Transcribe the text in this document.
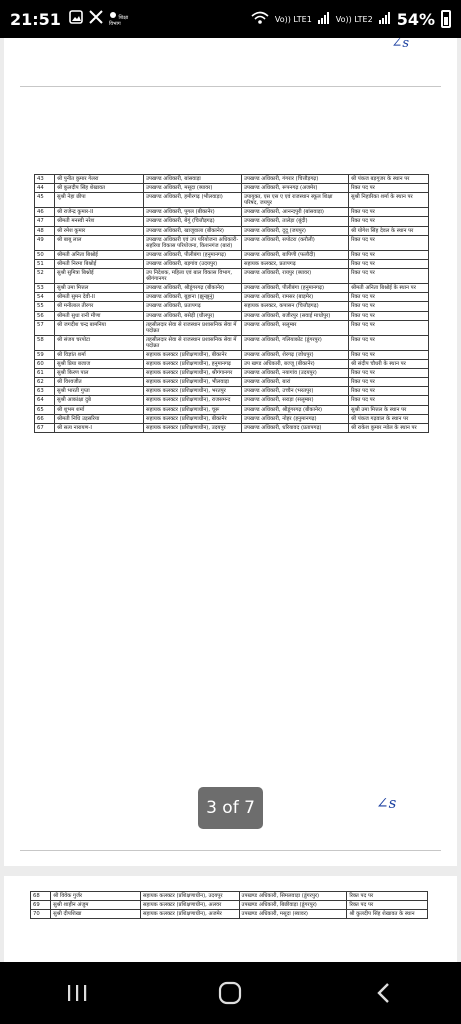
21:51	शिक्षा विभाग
Vo)) LTE1	Vo)) LTE2 54%
∠s
43	श्री पुनीत कुमार गेलरा	उपखण्ड अधिकारी, बांसवाड़ा	उपखण्ड अधिकारी, गंगरार (चित्तौड़गढ़)	श्री पंकज बड़गूजर के स्थान पर
44	श्री कुलदीप सिंह शेखावत	उपखण्ड अधिकारी, मसूदा (ब्यावर)	उपखण्ड अधिकारी, रूपनगढ़ (अजमेर)	रिक्त पद पर
45	सुश्री नेहा छीपा	उपखण्ड अधिकारी, हमीरगढ़ (भीलवाड़ा)	उपायुक्त, एस एस ए एवं राजस्थान स्कूल शिक्षा परिषद, जयपुर	सुश्री निहारिका शर्मा के स्थान पर
46	श्री राजेन्द्र कुमार-II	उपखण्ड अधिकारी, पूगल (बीकानेर)	उपखण्ड अधिकारी, आनन्दपुरी (बांसवाड़ा)	रिक्त पद पर
47	श्रीमती मनस्वी नरेश	उपखण्ड अधिकारी, बेगूं (चित्तौड़गढ़)	उपखण्ड अधिकारी, तालेड़ा (बूंदी)	रिक्त पद पर
48	श्री रमेश कुमार	उपखण्ड अधिकारी, खाजूवाला (बीकानेर)	उपखण्ड अधिकारी, दूदू (जयपुर)	श्री योगेश सिंह देवल के स्थान पर
49	श्री बाबू लाल	उपखण्ड अधिकारी एवं उप परियोजना अधिकारी-सहरिया विकास परियोजना, किशनगंज (बारां)	उपखण्ड अधिकारी, सपोटरा (करौली)	रिक्त पद पर
50	श्रीमती अनिता बिश्नोई	उपखण्ड अधिकारी, पीलीबंगा (हनुमानगढ़)	उपखण्ड अधिकारी, बापिणी (फलौदी)	रिक्त पद पर
51	श्रीमती निरमा बिश्नोई	उपखण्ड अधिकारी, बड़गांव (उदयपुर)	सहायक कलक्टर, प्रतापगढ़	रिक्त पद पर
52	सुश्री सुमित्रा बिश्नोई	उप निदेशक, महिला एवं बाल विकास विभाग, श्रीगंगानगर	उपखण्ड अधिकारी, रायपुर (ब्यावर)	रिक्त पद पर
53	सुश्री उमा मित्तल	उपखण्ड अधिकारी, श्रीडूंगरगढ़ (बीकानेर)	उपखण्ड अधिकारी, पीलीबंगा (हनुमानगढ़)	श्रीमती अनिता बिश्नोई के स्थान पर
54	श्रीमती सुमन देवी-II	उपखण्ड अधिकारी, बुहाना (झुन्झुनूं)	उपखण्ड अधिकारी, रामसर (बाड़मेर)	रिक्त पद पर
55	श्री मनीलाल तीरगर	उपखण्ड अधिकारी, प्रतापगढ़	सहायक कलक्टर, कपासन (चित्तौड़गढ़)	रिक्त पद पर
56	श्रीमती सुधा रानी मीणा	उपखण्ड अधिकारी, बसेड़ी (धौलपुर)	उपखण्ड अधिकारी, बजीरपुर (सवाई माधोपुर)	रिक्त पद पर
57	श्री जगदीश चन्द्र बामनिया	तहसीलदार सेवा से राजस्थान प्रशासनिक सेवा में पदोन्नत	उपखण्ड अधिकारी, सलूम्बर	रिक्त पद पर
58	श्री संजय चरपोटा	तहसीलदार सेवा से राजस्थान प्रशासनिक सेवा में पदोन्नत	उपखण्ड अधिकारी, गलियाकोट (डूंगरपुर)	रिक्त पद पर
59	श्री विज्ञांत शर्मा	सहायक कलक्टर (प्रशिक्षणाधीन), बीकानेर	उपखण्ड अधिकारी, शेरगढ़ (जोधपुर)	रिक्त पद पर
60	सुश्री प्रिया बजाज	सहायक कलक्टर (प्रशिक्षणाधीन), हनुमानगढ़	उप खण्ड अधिकारी, बज्जू (बीकानेर)	श्री संदीप चौधरी के स्थान पर
61	सुश्री किरण पाल	सहायक कलक्टर (प्रशिक्षणाधीन), श्रीगंगानगर	उपखण्ड अधिकारी, नयागांव (उदयपुर)	रिक्त पद पर
62	श्री विश्वजीत	सहायक कलक्टर (प्रशिक्षणाधीन), भीलवाड़ा	उपखण्ड अधिकारी, बारां	रिक्त पद पर
63	सुश्री भारती गुप्ता	सहायक कलक्टर (प्रशिक्षणाधीन), भरतपुर	उपखण्ड अधिकारी, उच्चैन (भरतपुर)	रिक्त पद पर
64	सुश्री आकांक्षा दुबे	सहायक कलक्टर (प्रशिक्षणाधीन), राजसमन्द	उपखण्ड अधिकारी, सराड़ा (सलूम्बर)	रिक्त पद पर
65	श्री शुभम शर्मा	सहायक कलक्टर (प्रशिक्षणाधीन), चूरू	उपखण्ड अधिकारी, श्रीडूंगरगढ़ (बीकानेर)	सुश्री उमा मित्तल के स्थान पर
66	श्रीमती निधि उड़सरिया	सहायक कलक्टर (प्रशिक्षणाधीन), बीकानेर	उपखण्ड अधिकारी, नोहर (हनुमानगढ़)	श्री पंकज गढ़वाल के स्थान पर
67	श्री सत्य नारायण-I	सहायक कलक्टर (प्रशिक्षणाधीन), उदयपुर	उपखण्ड अधिकारी, धरियावद (प्रतापगढ़)	श्री राकेश कुमार न्योल के स्थान पर
∠s
68	श्री विवेक गुर्जर	सहायक कलक्टर (प्रशिक्षणाधीन), उदयपुर	उपखण्ड अधिकारी, सिमलवाड़ा (डूंगरपुर)	रिक्त पद पर
69	सुश्री शाहीन अंजुम	सहायक कलक्टर (प्रशिक्षणाधीन), अलवर	उपखण्ड अधिकारी, बिछीवाड़ा (डूंगरपुर)	रिक्त पद पर
70	सुश्री दीपशिखा	सहायक कलक्टर (प्रशिक्षणाधीन), अजमेर	उपखण्ड अधिकारी, मसूदा (ब्यावर)	श्री कुलदीप सिंह शेखावत के स्थान
3 of 7
